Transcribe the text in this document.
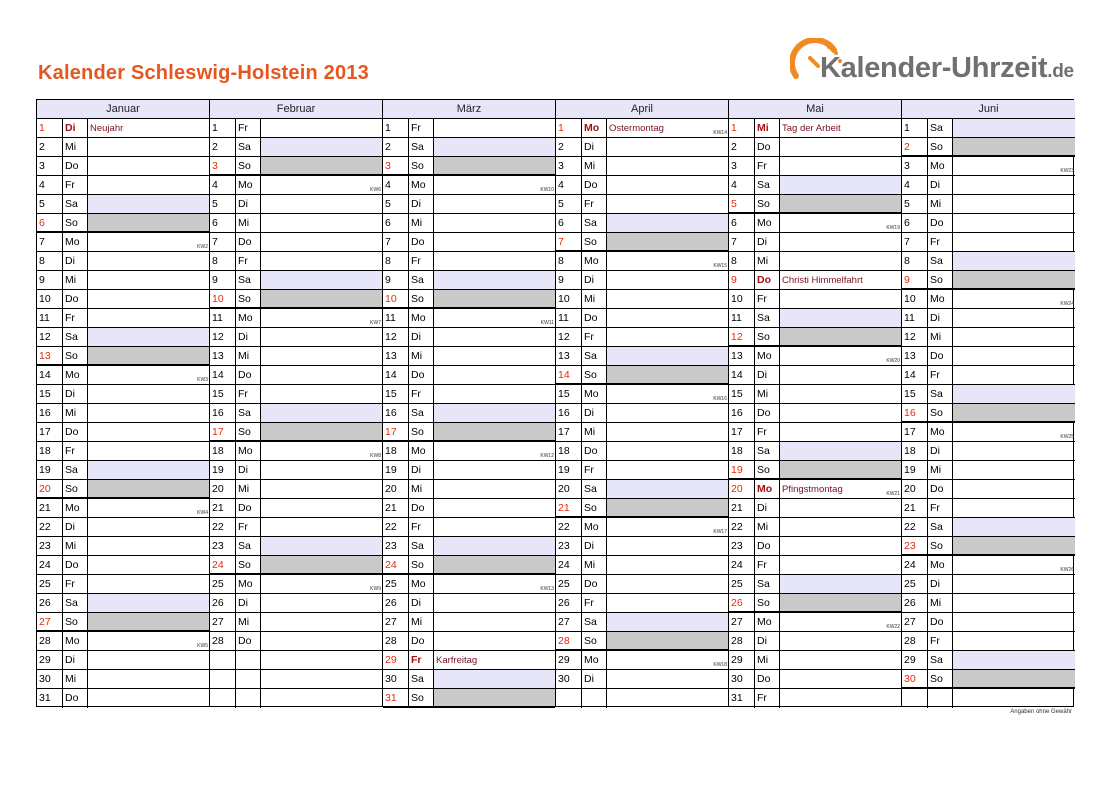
Kalender Schleswig-Holstein 2013	Kalender-Uhrzeit.de
Januar
1	Di	Neujahr
2	Mi
3	Do
4	Fr
5	Sa
6	So
7	Mo	KW2
8	Di
9	Mi
10	Do
11	Fr
12	Sa
13	So
14	Mo	KW3
15	Di
16	Mi
17	Do
18	Fr
19	Sa
20	So
21	Mo	KW4
22	Di
23	Mi
24	Do
25	Fr
26	Sa
27	So
28	Mo	KW5
29	Di
30	Mi
31	Do
Februar
1	Fr
2	Sa
3	So
4	Mo	KW6
5	Di
6	Mi
7	Do
8	Fr
9	Sa
10	So
11	Mo	KW7
12	Di
13	Mi
14	Do
15	Fr
16	Sa
17	So
18	Mo	KW8
19	Di
20	Mi
21	Do
22	Fr
23	Sa
24	So
25	Mo	KW9
26	Di
27	Mi
28	Do
März
1	Fr
2	Sa
3	So
4	Mo	KW10
5	Di
6	Mi
7	Do
8	Fr
9	Sa
10	So
11	Mo	KW11
12	Di
13	Mi
14	Do
15	Fr
16	Sa
17	So
18	Mo	KW12
19	Di
20	Mi
21	Do
22	Fr
23	Sa
24	So
25	Mo	KW13
26	Di
27	Mi
28	Do
29	Fr	Karfreitag
30	Sa
31	So
April
1	Mo	Ostermontag	KW14
2	Di
3	Mi
4	Do
5	Fr
6	Sa
7	So
8	Mo	KW15
9	Di
10	Mi
11	Do
12	Fr
13	Sa
14	So
15	Mo	KW16
16	Di
17	Mi
18	Do
19	Fr
20	Sa
21	So
22	Mo	KW17
23	Di
24	Mi
25	Do
26	Fr
27	Sa
28	So
29	Mo	KW18
30	Di
Mai
1	Mi	Tag der Arbeit
2	Do
3	Fr
4	Sa
5	So
6	Mo	KW19
7	Di
8	Mi
9	Do	Christi Himmelfahrt
10	Fr
11	Sa
12	So
13	Mo	KW20
14	Di
15	Mi
16	Do
17	Fr
18	Sa
19	So
20	Mo	Pfingstmontag	KW21
21	Di
22	Mi
23	Do
24	Fr
25	Sa
26	So
27	Mo	KW22
28	Di
29	Mi
30	Do
31	Fr
Juni
1	Sa
2	So
3	Mo	KW23
4	Di
5	Mi
6	Do
7	Fr
8	Sa
9	So
10	Mo	KW24
11	Di
12	Mi
13	Do
14	Fr
15	Sa
16	So
17	Mo	KW25
18	Di
19	Mi
20	Do
21	Fr
22	Sa
23	So
24	Mo	KW26
25	Di
26	Mi
27	Do
28	Fr
29	Sa
30	So
Angaben ohne Gewähr
